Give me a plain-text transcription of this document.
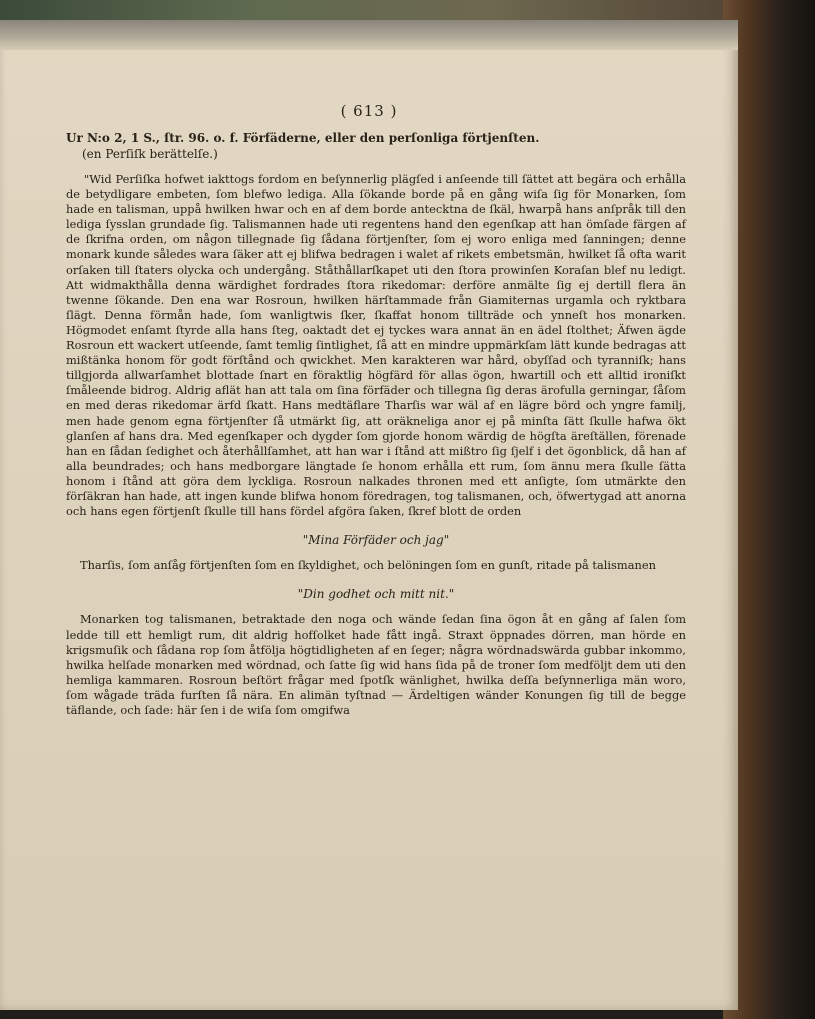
( 613 )
Ur N:o 2, 1 S., ſtr. 96. o. f. Förfäderne, eller den perſonliga förtjenſten.
(en Perſiſk berättelſe.)

"Wid Perſiſka hofwet iakttogs fordom en beſynnerlig plägſed i anſeende till ſättet att begära och erhålla de betydligare embeten, ſom blefwo lediga. Alla ſökande borde på en gång wiſa ſig för Monarken, ſom hade en talisman, uppå hwilken hwar och en af dem borde antecktna de ſkäl, hwarpå hans anſpråk till den lediga ſysslan grundade ſig. Talismannen hade uti regentens hand den egenſkap att han ömſade färgen af de ſkrifna orden, om någon tillegnade ſig ſådana förtjenſter, ſom ej woro enliga med ſanningen; denne monark kunde således wara ſäker att ej blifwa bedragen i walet af rikets embetsmän, hwilket ſå ofta warit orſaken till ſtaters olycka och undergång. Ståthållarſkapet uti den ſtora prowinſen Koraſan blef nu ledigt. Att widmakthålla denna wärdighet fordrades ſtora rikedomar: derföre anmälte ſig ej dertill flera än twenne ſökande. Den ena war Rosroun, hwilken härſtammade från Giamiternas urgamla och ryktbara ſlägt. Denna förmån hade, ſom wanligtwis ſker, ſkaffat honom tillträde och ynneſt hos monarken. Högmodet enſamt ſtyrde alla hans ſteg, oaktadt det ej tyckes wara annat än en ädel ſtolthet; Äfwen ägde Rosroun ett wackert utſeende, ſamt temlig ſintlighet, ſå att en mindre uppmärkſam lätt kunde bedragas att mißtänka honom för godt förſtånd och qwickhet. Men karakteren war hård, obyſſad och tyranniſk; hans tillgjorda allwarſamhet blottade ſnart en föraktlig högfärd för allas ögon, hwartill och ett alltid ironiſkt ſmåleende bidrog. Aldrig aflät han att tala om ſina förfäder och tillegna ſig deras ärofulla gerningar, ſåſom en med deras rikedomar ärfd ſkatt. Hans medtäflare Tharſis war wäl af en lägre börd och yngre familj, men hade genom egna förtjenſter ſå utmärkt ſig, att oräkneliga anor ej på minſta ſätt ſkulle hafwa ökt glanſen af hans dra. Med egenſkaper och dygder ſom gjorde honom wärdig de högſta äreſtällen, förenade han en ſådan ſedighet och återhållſamhet, att han war i ſtånd att mißtro ſig ſjelf i det ögonblick, då han af alla beundrades; och hans medborgare längtade ſe honom erhålla ett rum, ſom ännu mera ſkulle ſätta honom i ſtånd att göra dem lyckliga. Rosroun nalkades thronen med ett anſigte, ſom utmärkte den förſäkran han hade, att ingen kunde blifwa honom föredragen, tog talismanen, och, öfwertygad att anorna och hans egen förtjenſt ſkulle till hans fördel afgöra ſaken, ſkref blott de orden

"Mina Förfäder och jag"

Tharſis, ſom anſåg förtjenſten ſom en ſkyldighet, och belöningen ſom en gunſt, ritade på talismanen

"Din godhet och mitt nit."

Monarken tog talismanen, betraktade den noga och wände ſedan ſina ögon åt en gång af ſalen ſom ledde till ett hemligt rum, dit aldrig hofſolket hade fått ingå. Straxt öppnades dörren, man hörde en krigsmuſik och ſådana rop ſom åtfölja högtidligheten af en ſeger; några wördnadswärda gubbar inkommo, hwilka helſade monarken med wördnad, och ſatte ſig wid hans ſida på de troner ſom medföljt dem uti den hemliga kammaren. Rosroun beſtört frågar med ſpotſk wänlighet, hwilka deſſa beſynnerliga män woro, ſom wågade träda furſten ſå nära. En alimän tyſtnad — Ärdeltigen wänder Konungen ſig till de begge täflande, och ſade: här ſen i de wiſa ſom omgifwa
